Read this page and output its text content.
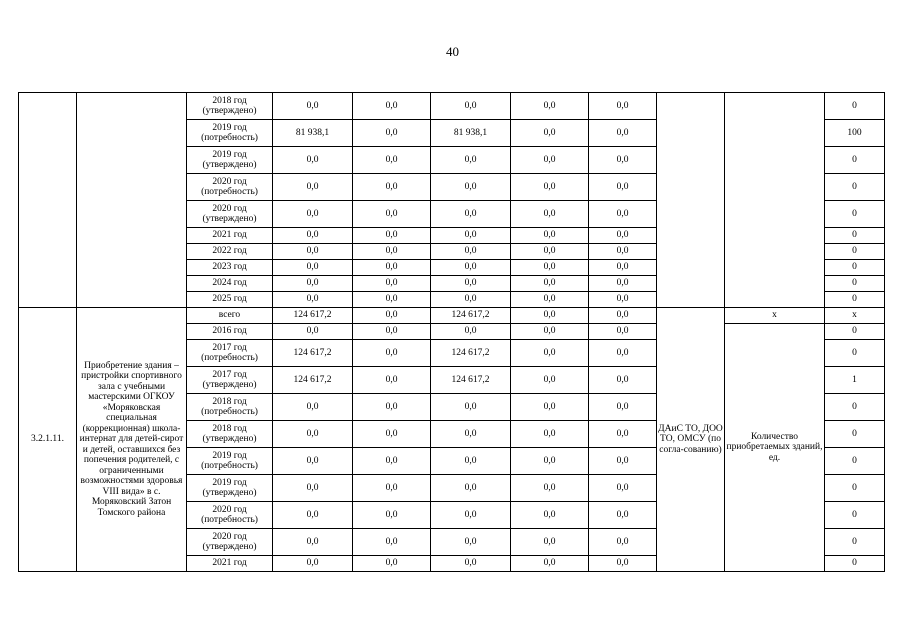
40
		2018 год (утверждено)	0,0	0,0	0,0	0,0	0,0			0
		2019 год (потребность)	81 938,1	0,0	81 938,1	0,0	0,0			100
		2019 год (утверждено)	0,0	0,0	0,0	0,0	0,0			0
		2020 год (потребность)	0,0	0,0	0,0	0,0	0,0			0
		2020 год (утверждено)	0,0	0,0	0,0	0,0	0,0			0
		2021 год	0,0	0,0	0,0	0,0	0,0			0
		2022 год	0,0	0,0	0,0	0,0	0,0			0
		2023 год	0,0	0,0	0,0	0,0	0,0			0
		2024 год	0,0	0,0	0,0	0,0	0,0			0
		2025 год	0,0	0,0	0,0	0,0	0,0			0
3.2.1.11.	Приобретение здания – пристройки спортивного зала с учебными мастерскими ОГКОУ «Моряковская специальная (коррекционная) школа-интернат для детей-сирот и детей, оставшихся без попечения родителей, с ограниченными возможностями здоровья VIII вида» в с. Моряковский Затон Томского района	всего	124 617,2	0,0	124 617,2	0,0	0,0	ДАиС ТО, ДОО ТО, ОМСУ (по согла-сованию)	х	х
		2016 год	0,0	0,0	0,0	0,0	0,0		Количество приобретаемых зданий, ед.	0
		2017 год (потребность)	124 617,2	0,0	124 617,2	0,0	0,0			0
		2017 год (утверждено)	124 617,2	0,0	124 617,2	0,0	0,0			1
		2018 год (потребность)	0,0	0,0	0,0	0,0	0,0			0
		2018 год (утверждено)	0,0	0,0	0,0	0,0	0,0			0
		2019 год (потребность)	0,0	0,0	0,0	0,0	0,0			0
		2019 год (утверждено)	0,0	0,0	0,0	0,0	0,0			0
		2020 год (потребность)	0,0	0,0	0,0	0,0	0,0			0
		2020 год (утверждено)	0,0	0,0	0,0	0,0	0,0			0
		2021 год	0,0	0,0	0,0	0,0	0,0			0
